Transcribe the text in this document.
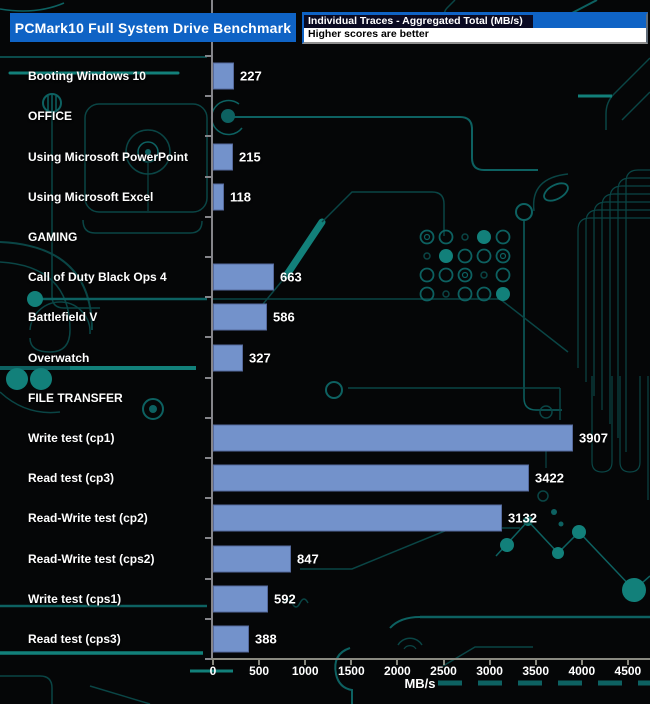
0	500	1000	1500	2000	2500	3000	3500	4000	4500
MB/s
PCMark10 Full System Drive Benchmark	Individual Traces - Aggregated Total (MB/s)
Higher scores are better
Booting Windows 10	227
OFFICE
Using Microsoft PowerPoint	215
Using Microsoft Excel	118
GAMING
Call of Duty Black Ops 4	663
Battlefield V	586
Overwatch	327
FILE TRANSFER
Write test (cp1)	3907
Read test (cp3)	3422
Read-Write test (cp2)	3132
Read-Write test (cps2)	847
Write test (cps1)	592
Read test (cps3)	388
